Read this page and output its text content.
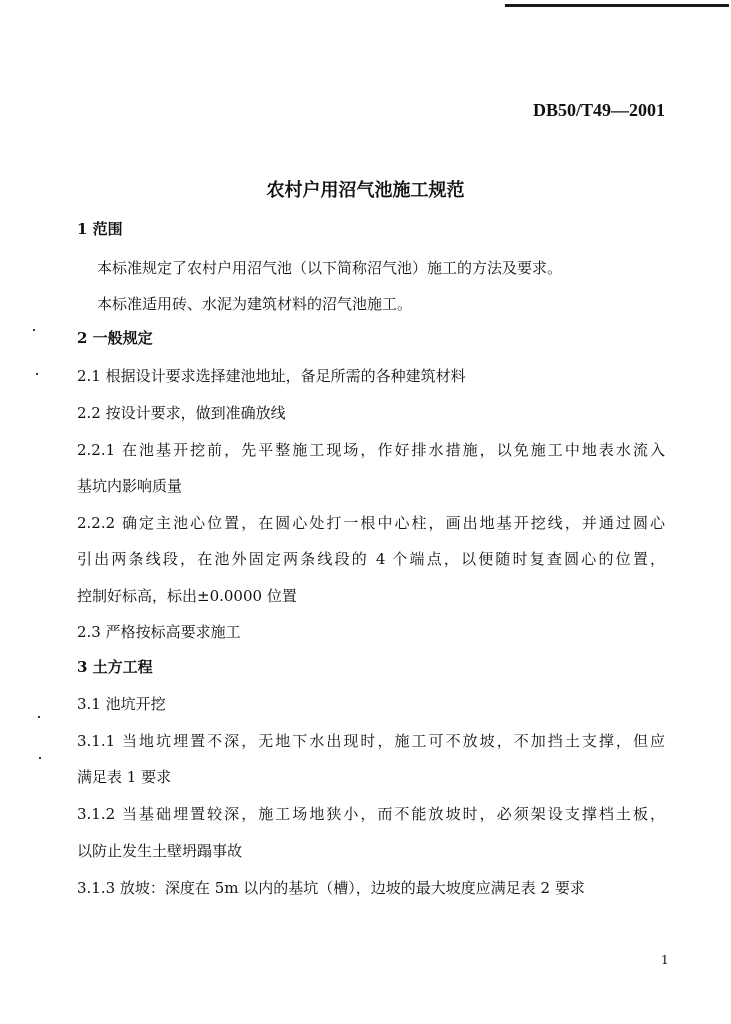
DB50/T49—2001
农村户用沼气池施工规范
1 范围
本标准规定了农村户用沼气池（以下简称沼气池）施工的方法及要求。
本标准适用砖、水泥为建筑材料的沼气池施工。
2 一般规定
2.1 根据设计要求选择建池地址，备足所需的各种建筑材料
2.2 按设计要求，做到准确放线
2.2.1 在池基开挖前，先平整施工现场，作好排水措施，以免施工中地表水流入
基坑内影响质量
2.2.2 确定主池心位置，在圆心处打一根中心柱，画出地基开挖线，并通过圆心
引出两条线段，在池外固定两条线段的 4 个端点，以便随时复查圆心的位置，
控制好标高，标出±0.0000 位置
2.3 严格按标高要求施工
3 土方工程
3.1 池坑开挖
3.1.1 当地坑埋置不深，无地下水出现时，施工可不放坡，不加挡土支撑，但应
满足表 1 要求
3.1.2 当基础埋置较深，施工场地狭小，而不能放坡时，必须架设支撑档土板，
以防止发生土壁坍蹋事故
3.1.3 放坡：深度在 5m 以内的基坑（槽），边坡的最大坡度应满足表 2 要求
1
